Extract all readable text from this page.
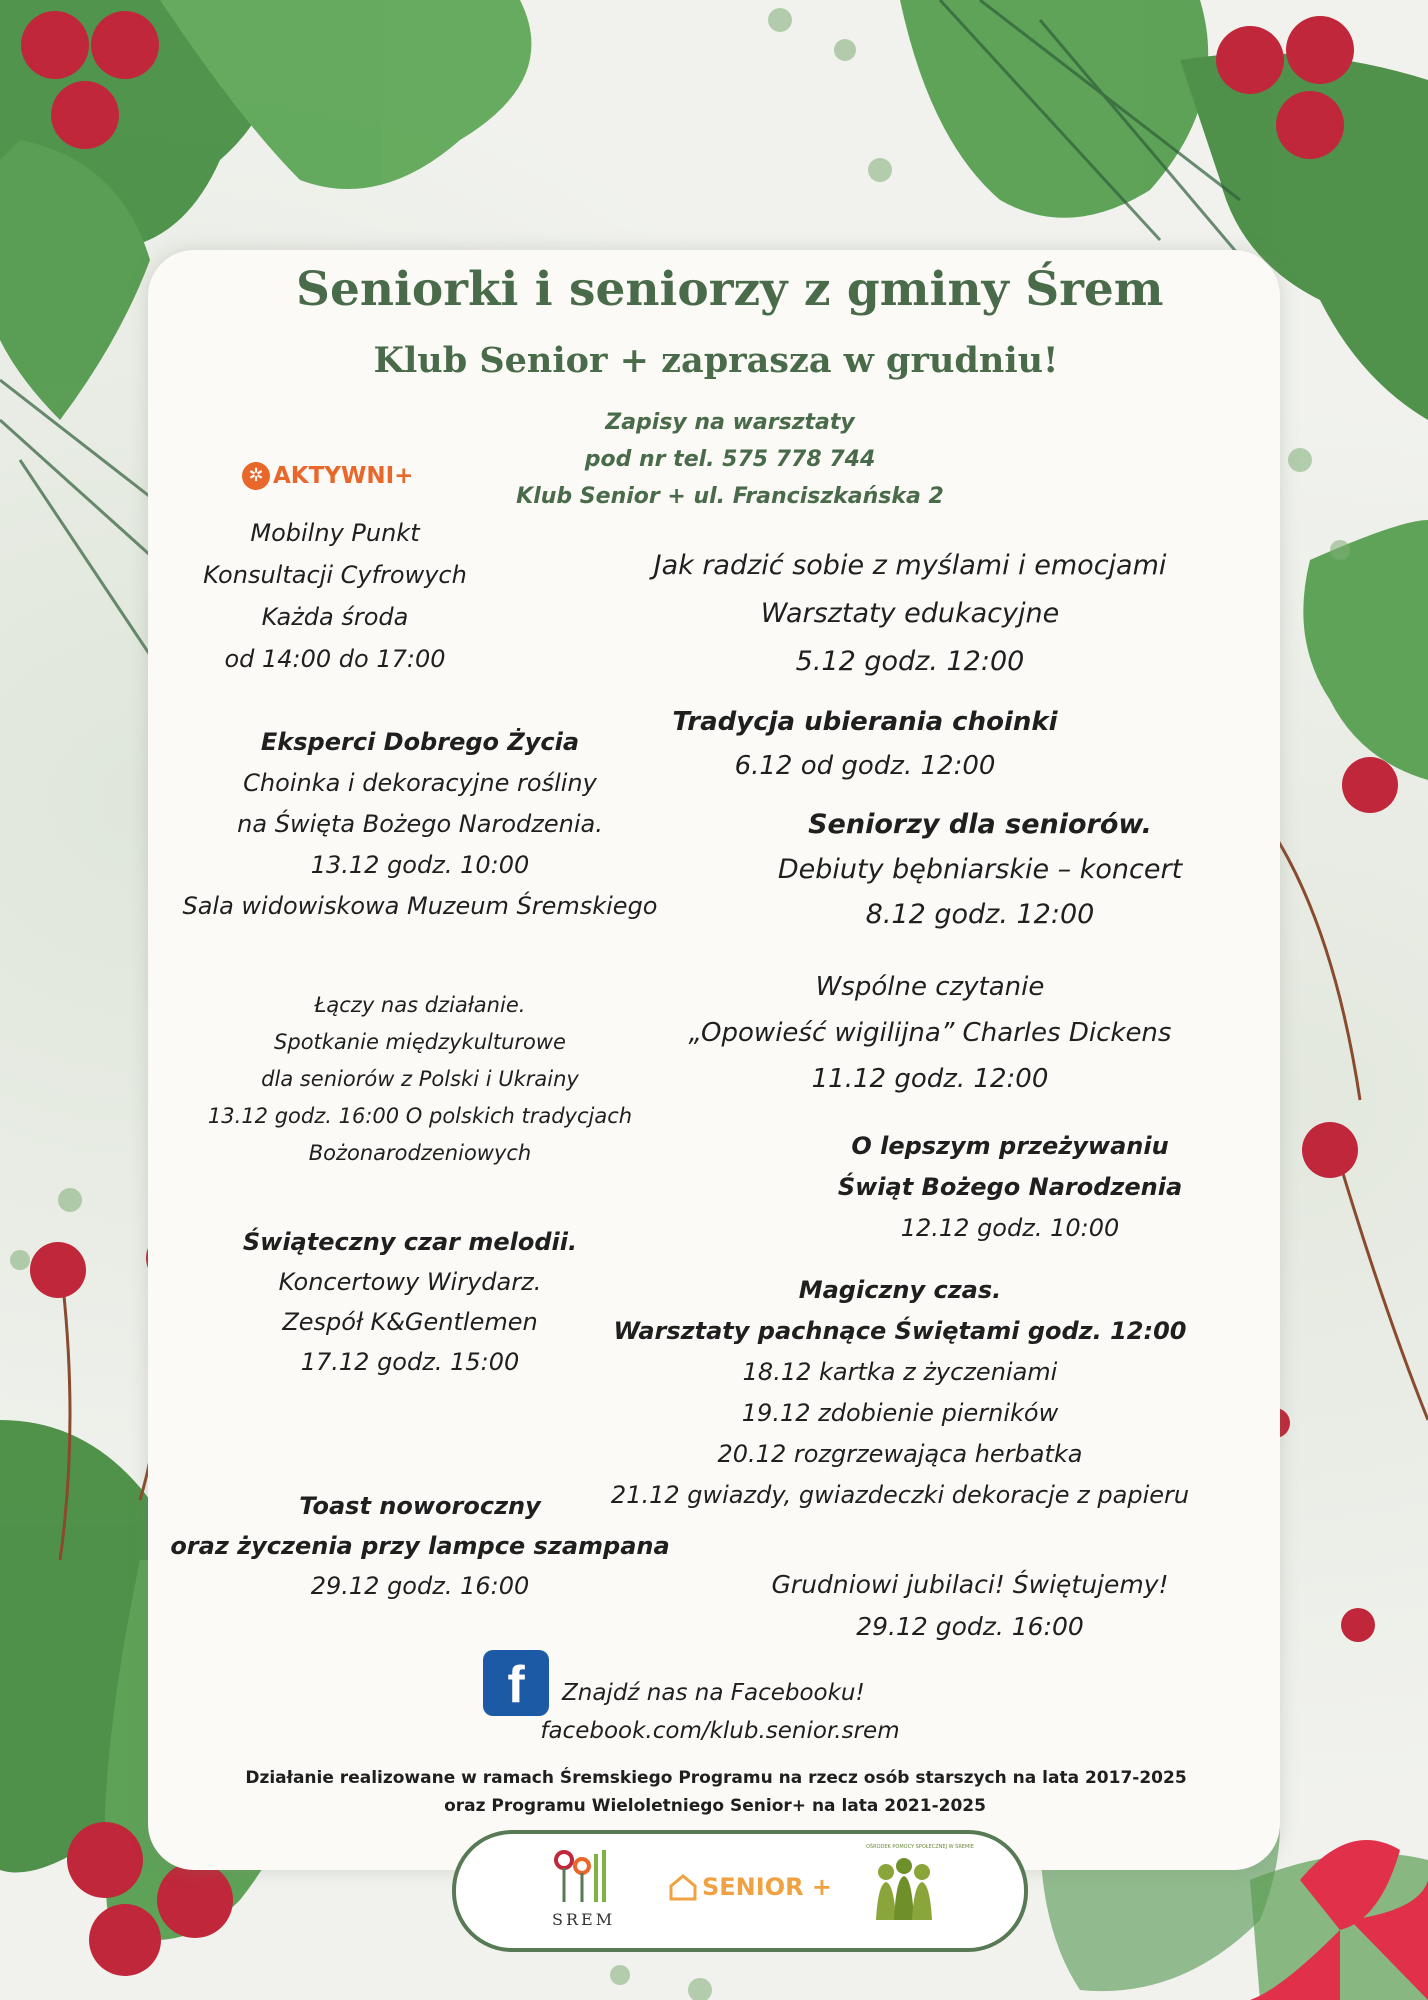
Seniorki i seniorzy z gminy Śrem
Klub Senior + zaprasza w grudniu!
Zapisy na warsztaty
pod nr tel. 575 778 744
Klub Senior + ul. Franciszkańska 2
✲ AKTYWNI+
Mobilny Punkt
Konsultacji Cyfrowych
Każda środa
od 14:00 do 17:00
Eksperci Dobrego Życia
Choinka i dekoracyjne rośliny
na Święta Bożego Narodzenia.
13.12 godz. 10:00
Sala widowiskowa Muzeum Śremskiego
Łączy nas działanie.
Spotkanie międzykulturowe
dla seniorów z Polski i Ukrainy
13.12 godz. 16:00 O polskich tradycjach
Bożonarodzeniowych
Świąteczny czar melodii.
Koncertowy Wirydarz.
Zespół K&Gentlemen
17.12 godz. 15:00
Toast noworoczny
oraz życzenia przy lampce szampana
29.12 godz. 16:00
Jak radzić sobie z myślami i emocjami
Warsztaty edukacyjne
5.12 godz. 12:00
Tradycja ubierania choinki
6.12 od godz. 12:00
Seniorzy dla seniorów.
Debiuty bębniarskie – koncert
8.12 godz. 12:00
Wspólne czytanie
„Opowieść wigilijna” Charles Dickens
11.12 godz. 12:00
O lepszym przeżywaniu
Świąt Bożego Narodzenia
12.12 godz. 10:00
Magiczny czas.
Warsztaty pachnące Świętami godz. 12:00
18.12 kartka z życzeniami
19.12 zdobienie pierników
20.12 rozgrzewająca herbatka
21.12 gwiazdy, gwiazdeczki dekoracje z papieru
Grudniowi jubilaci! Świętujemy!
29.12 godz. 16:00
f	Znajdź nas na Facebooku!
facebook.com/klub.senior.srem
Działanie realizowane w ramach Śremskiego Programu na rzecz osób starszych na lata 2017-2025
oraz Programu Wieloletniego Senior+ na lata 2021-2025
SREM
SENIOR +
OŚRODEK POMOCY SPOŁECZNEJ W ŚREMIE
